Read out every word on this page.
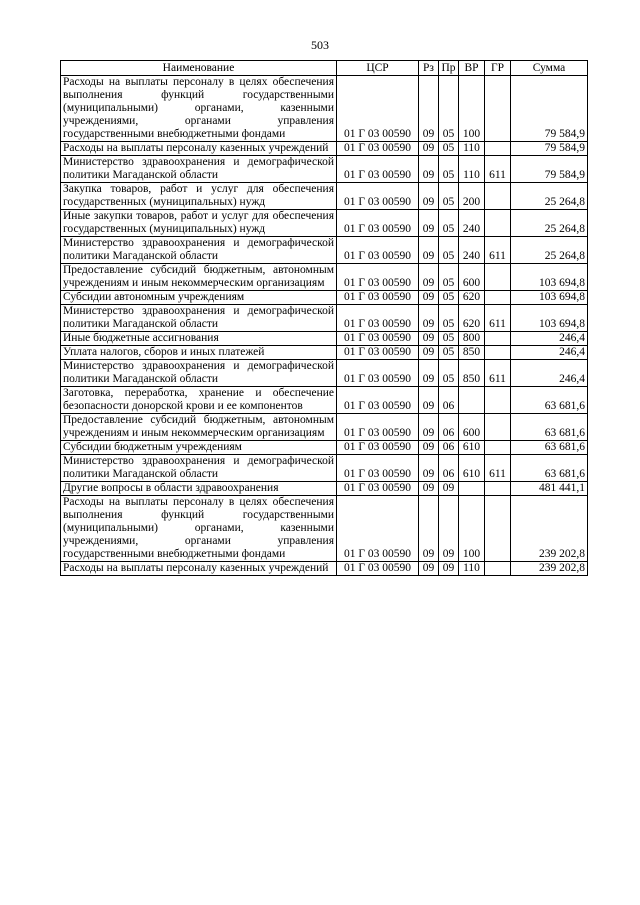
503
Наименование	ЦСР	Рз	Пр	ВР	ГР	Сумма
Расходы на выплаты персоналу в целях обеспечения выполнения функций государственными (муниципальными) органами, казенными учреждениями, органами управления государственными внебюджетными фондами	01 Г 03 00590	09	05	100		79 584,9
Расходы на выплаты персоналу казенных учреждений	01 Г 03 00590	09	05	110		79 584,9
Министерство здравоохранения и демографической политики Магаданской области	01 Г 03 00590	09	05	110	611	79 584,9
Закупка товаров, работ и услуг для обеспечения государственных (муниципальных) нужд	01 Г 03 00590	09	05	200		25 264,8
Иные закупки товаров, работ и услуг для обеспечения государственных (муниципальных) нужд	01 Г 03 00590	09	05	240		25 264,8
Министерство здравоохранения и демографической политики Магаданской области	01 Г 03 00590	09	05	240	611	25 264,8
Предоставление субсидий бюджетным, автономным учреждениям и иным некоммерческим организациям	01 Г 03 00590	09	05	600		103 694,8
Субсидии автономным учреждениям	01 Г 03 00590	09	05	620		103 694,8
Министерство здравоохранения и демографической политики Магаданской области	01 Г 03 00590	09	05	620	611	103 694,8
Иные бюджетные ассигнования	01 Г 03 00590	09	05	800		246,4
Уплата налогов, сборов и иных платежей	01 Г 03 00590	09	05	850		246,4
Министерство здравоохранения и демографической политики Магаданской области	01 Г 03 00590	09	05	850	611	246,4
Заготовка, переработка, хранение и обеспечение безопасности донорской крови и ее компонентов	01 Г 03 00590	09	06			63 681,6
Предоставление субсидий бюджетным, автономным учреждениям и иным некоммерческим организациям	01 Г 03 00590	09	06	600		63 681,6
Субсидии бюджетным учреждениям	01 Г 03 00590	09	06	610		63 681,6
Министерство здравоохранения и демографической политики Магаданской области	01 Г 03 00590	09	06	610	611	63 681,6
Другие вопросы в области здравоохранения	01 Г 03 00590	09	09			481 441,1
Расходы на выплаты персоналу в целях обеспечения выполнения функций государственными (муниципальными) органами, казенными учреждениями, органами управления государственными внебюджетными фондами	01 Г 03 00590	09	09	100		239 202,8
Расходы на выплаты персоналу казенных учреждений	01 Г 03 00590	09	09	110		239 202,8
